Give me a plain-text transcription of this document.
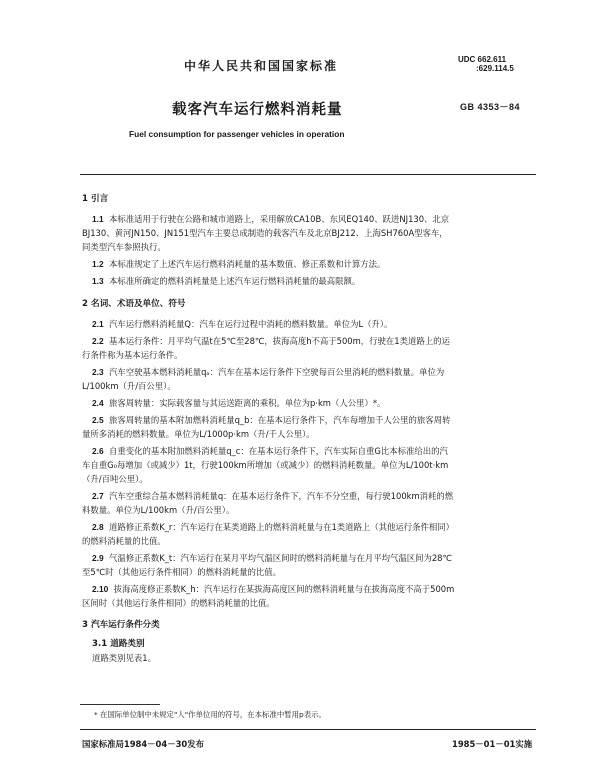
中华人民共和国国家标准	UDC 662.611
:629.114.5
GB 4353－84
载客汽车运行燃料消耗量
Fuel consumption for passenger vehicles in operation
1 引言
1.1 本标准适用于行驶在公路和城市道路上，采用解放CA10B、东风EQ140、跃进NJ130、北京
BJ130、黄河JN150、JN151型汽车主要总成制造的载客汽车及北京BJ212、上海SH760A型客车，
同类型汽车参照执行。
1.2 本标准规定了上述汽车运行燃料消耗量的基本数值、修正系数和计算方法。
1.3 本标准所确定的燃料消耗量是上述汽车运行燃料消耗量的最高限额。
2 名词、术语及单位、符号
2.1 汽车运行燃料消耗量Q：汽车在运行过程中消耗的燃料数量。单位为L（升）。
2.2 基本运行条件：月平均气温t在5℃至28℃，拔海高度h不高于500m，行驶在1类道路上的运
行条件称为基本运行条件。
2.3 汽车空驶基本燃料消耗量qₐ：汽车在基本运行条件下空驶每百公里消耗的燃料数量。单位为
L/100km（升/百公里）。
2.4 旅客周转量：实际载客量与其运送距离的乘积。单位为p·km（人公里）*。
2.5 旅客周转量的基本附加燃料消耗量q_b：在基本运行条件下，汽车每增加千人公里的旅客周转
量所多消耗的燃料数量。单位为L/1000p·km（升/千人公里）。
2.6 自重变化的基本附加燃料消耗量q_c：在基本运行条件下，汽车实际自重G比本标准给出的汽
车自重G₀每增加（或减少）1t，行驶100km所增加（或减少）的燃料消耗数量。单位为L/100t·km
（升/百吨公里）。
2.7 汽车空重综合基本燃料消耗量q：在基本运行条件下，汽车不分空重，每行驶100km消耗的燃
料数量。单位为L/100km（升/百公里）。
2.8 道路修正系数K_r：汽车运行在某类道路上的燃料消耗量与在1类道路上（其他运行条件相同）
的燃料消耗量的比值。
2.9 气温修正系数K_t：汽车运行在某月平均气温区间时的燃料消耗量与在月平均气温区间为28℃
至5℃时（其他运行条件相同）的燃料消耗量的比值。
2.10 拔海高度修正系数K_h：汽车运行在某拔海高度区间的燃料消耗量与在拔海高度不高于500m
区间时（其他运行条件相同）的燃料消耗量的比值。
3 汽车运行条件分类
3.1 道路类别
道路类别见表1。
* 在国际单位制中未规定"人"作单位用的符号，在本标准中暂用p表示。
国家标准局1984－04－30发布	1985－01－01实施
